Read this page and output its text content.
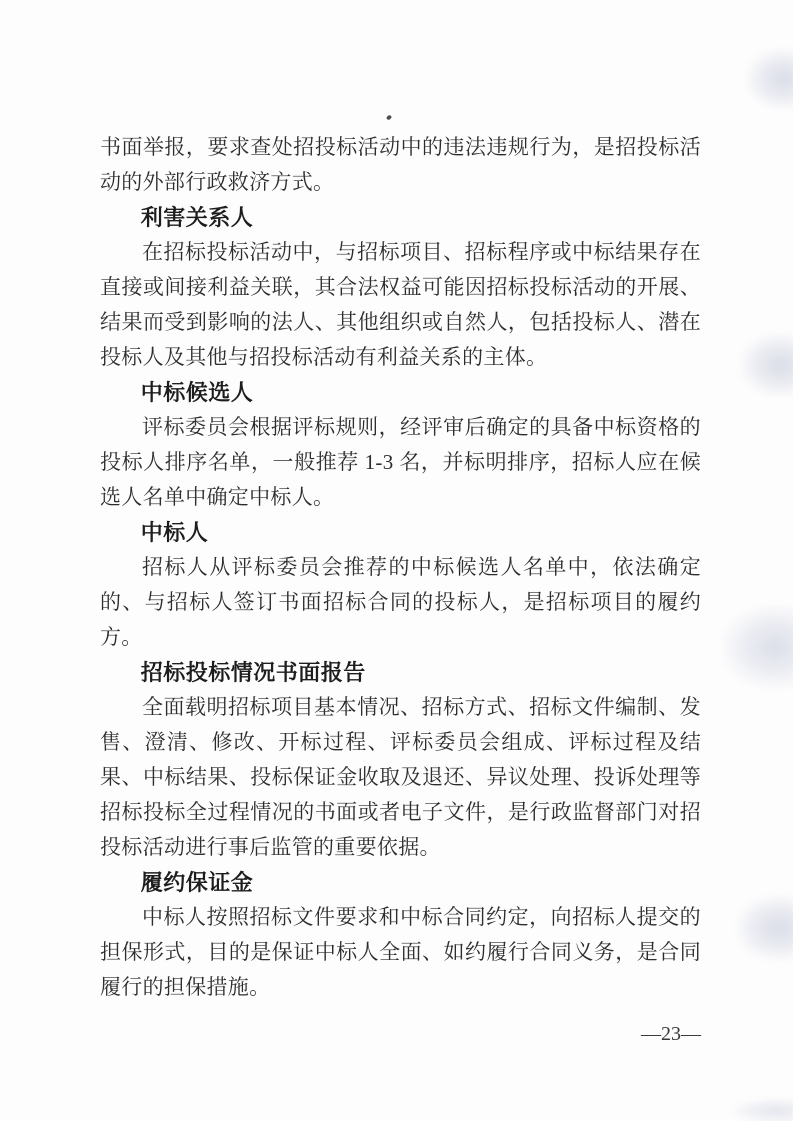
书面举报，要求查处招投标活动中的违法违规行为，是招投标活动的外部行政救济方式。

利害关系人

在招标投标活动中，与招标项目、招标程序或中标结果存在直接或间接利益关联，其合法权益可能因招标投标活动的开展、结果而受到影响的法人、其他组织或自然人，包括投标人、潜在投标人及其他与招投标活动有利益关系的主体。

中标候选人

评标委员会根据评标规则，经评审后确定的具备中标资格的投标人排序名单，一般推荐 1-3 名，并标明排序，招标人应在候选人名单中确定中标人。

中标人

招标人从评标委员会推荐的中标候选人名单中，依法确定的、与招标人签订书面招标合同的投标人，是招标项目的履约方。

招标投标情况书面报告

全面载明招标项目基本情况、招标方式、招标文件编制、发售、澄清、修改、开标过程、评标委员会组成、评标过程及结果、中标结果、投标保证金收取及退还、异议处理、投诉处理等招标投标全过程情况的书面或者电子文件，是行政监督部门对招投标活动进行事后监管的重要依据。

履约保证金

中标人按照招标文件要求和中标合同约定，向招标人提交的担保形式，目的是保证中标人全面、如约履行合同义务，是合同履行的担保措施。

—23—
